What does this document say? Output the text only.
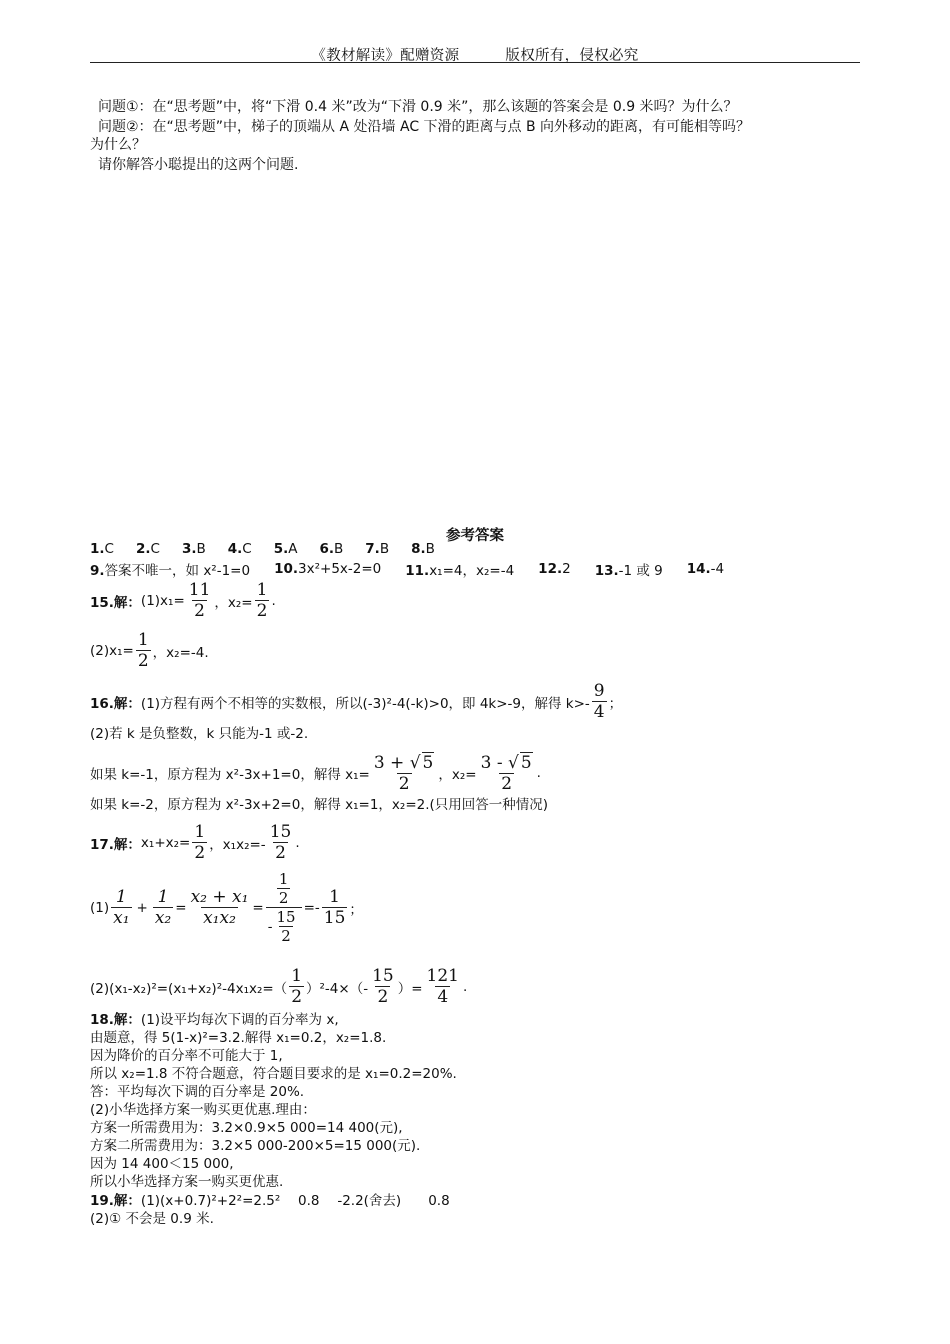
《教材解读》配赠资源	版权所有，侵权必究
问题①：在“思考题”中，将“下滑 0.4 米”改为“下滑 0.9 米”，那么该题的答案会是 0.9 米吗？为什么？
问题②：在“思考题”中，梯子的顶端从 A 处沿墙 AC 下滑的距离与点 B 向外移动的距离，有可能相等吗？
为什么？
请你解答小聪提出的这两个问题.
参考答案
1.C 2.C 3.B 4.C 5.A 6.B 7.B 8.B
9.答案不唯一，如 x²-1=0 10.3x²+5x-2=0 11.x₁=4，x₂=-4 12.2 13.-1 或 9 14.-4
15.解： $(1)x_1= \frac{11}{2}$ ，$x_2= \frac{1}{2}$ .
$(2)x_1= \frac{1}{2}$ ，x₂=-4.
16.解： (1)方程有两个不相等的实数根，所以(-3)²-4(-k)>0，即 4k>-9，解得 $k>- \frac{9}{4}$ ；
(2)若 k 是负整数，k 只能为-1 或-2.
如果 k=-1，原方程为 x²-3x+1=0，解得 $x_1= \frac{3 + √ 5}{2}$ ，$x_2= \frac{3 - √ 5}{2}$ .
如果 k=-2，原方程为 x²-3x+2=0，解得 x₁=1，x₂=2.(只用回答一种情况)
17.解： $x_1+x_2= \frac{1}{2}$ ，$x_1x_2=- \frac{15}{2}$ .
$(1) \frac{1}{\text{x₁}} + \frac{1}{\text{x₂}} = \frac{\text{x₂ + x₁}}{\text{x₁x₂}} = \frac{\frac{1}{2}}{- \frac{15}{2}} =- \frac{1}{15}$ ；
$(2)(x_1-x_2)^2=(x_1+x_2)^2-4x_1x_2=( \frac{1}{2} )^2-4\times(- \frac{15}{2}$ ）= $\frac{121}{4}$ .
18.解：(1)设平均每次下调的百分率为 x,
由题意，得 5(1-x)²=3.2.解得 x₁=0.2，x₂=1.8.
因为降价的百分率不可能大于 1,
所以 x₂=1.8 不符合题意，符合题目要求的是 x₁=0.2=20%.
答：平均每次下调的百分率是 20%.
(2)小华选择方案一购买更优惠.理由：
方案一所需费用为：3.2×0.9×5 000=14 400(元),
方案二所需费用为：3.2×5 000-200×5=15 000(元).
因为 14 400＜15 000,
所以小华选择方案一购买更优惠.
19.解：(1)(x+0.7)²+2²=2.5²　 0.8　 -2.2(舍去)　　0.8
(2)① 不会是 0.9 米.
